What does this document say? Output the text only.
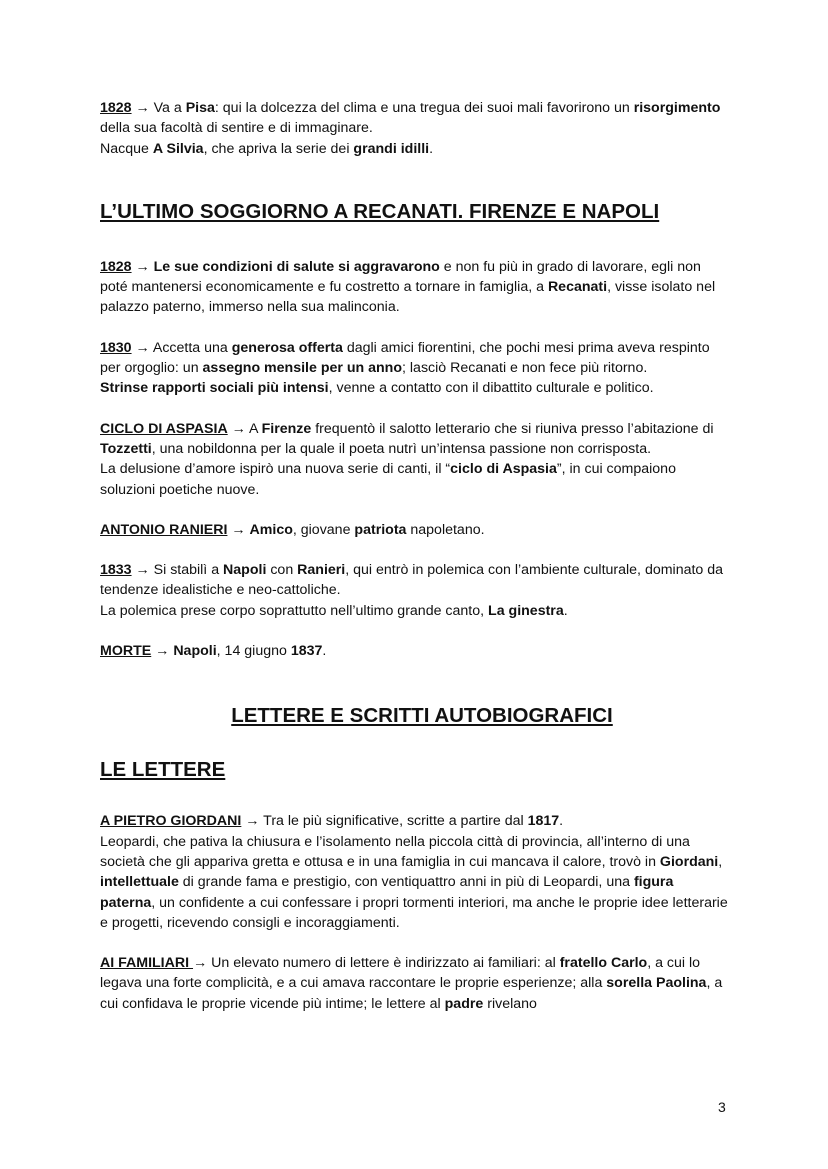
1828 → Va a Pisa: qui la dolcezza del clima e una tregua dei suoi mali favorirono un risorgimento della sua facoltà di sentire e di immaginare.
Nacque A Silvia, che apriva la serie dei grandi idilli.

L’ULTIMO SOGGIORNO A RECANATI. FIRENZE E NAPOLI

1828 → Le sue condizioni di salute si aggravarono e non fu più in grado di lavorare, egli non poté mantenersi economicamente e fu costretto a tornare in famiglia, a Recanati, visse isolato nel palazzo paterno, immerso nella sua malinconia.

1830 → Accetta una generosa offerta dagli amici fiorentini, che pochi mesi prima aveva respinto per orgoglio: un assegno mensile per un anno; lasciò Recanati e non fece più ritorno.
Strinse rapporti sociali più intensi, venne a contatto con il dibattito culturale e politico.

CICLO DI ASPASIA → A Firenze frequentò il salotto letterario che si riuniva presso l’abitazione di Tozzetti, una nobildonna per la quale il poeta nutrì un’intensa passione non corrisposta.
La delusione d’amore ispirò una nuova serie di canti, il “ciclo di Aspasia”, in cui compaiono soluzioni poetiche nuove.

ANTONIO RANIERI → Amico, giovane patriota napoletano.

1833 → Si stabilì a Napoli con Ranieri, qui entrò in polemica con l’ambiente culturale, dominato da tendenze idealistiche e neo-cattoliche.
La polemica prese corpo soprattutto nell’ultimo grande canto, La ginestra.

MORTE → Napoli, 14 giugno 1837.

LETTERE E SCRITTI AUTOBIOGRAFICI
LE LETTERE

A PIETRO GIORDANI → Tra le più significative, scritte a partire dal 1817.
Leopardi, che pativa la chiusura e l’isolamento nella piccola città di provincia, all’interno di una società che gli appariva gretta e ottusa e in una famiglia in cui mancava il calore, trovò in Giordani, intellettuale di grande fama e prestigio, con ventiquattro anni in più di Leopardi, una figura paterna, un confidente a cui confessare i propri tormenti interiori, ma anche le proprie idee letterarie e progetti, ricevendo consigli e incoraggiamenti.

AI FAMILIARI → Un elevato numero di lettere è indirizzato ai familiari: al fratello Carlo, a cui lo legava una forte complicità, e a cui amava raccontare le proprie esperienze; alla sorella Paolina, a cui confidava le proprie vicende più intime; le lettere al padre rivelano

3
